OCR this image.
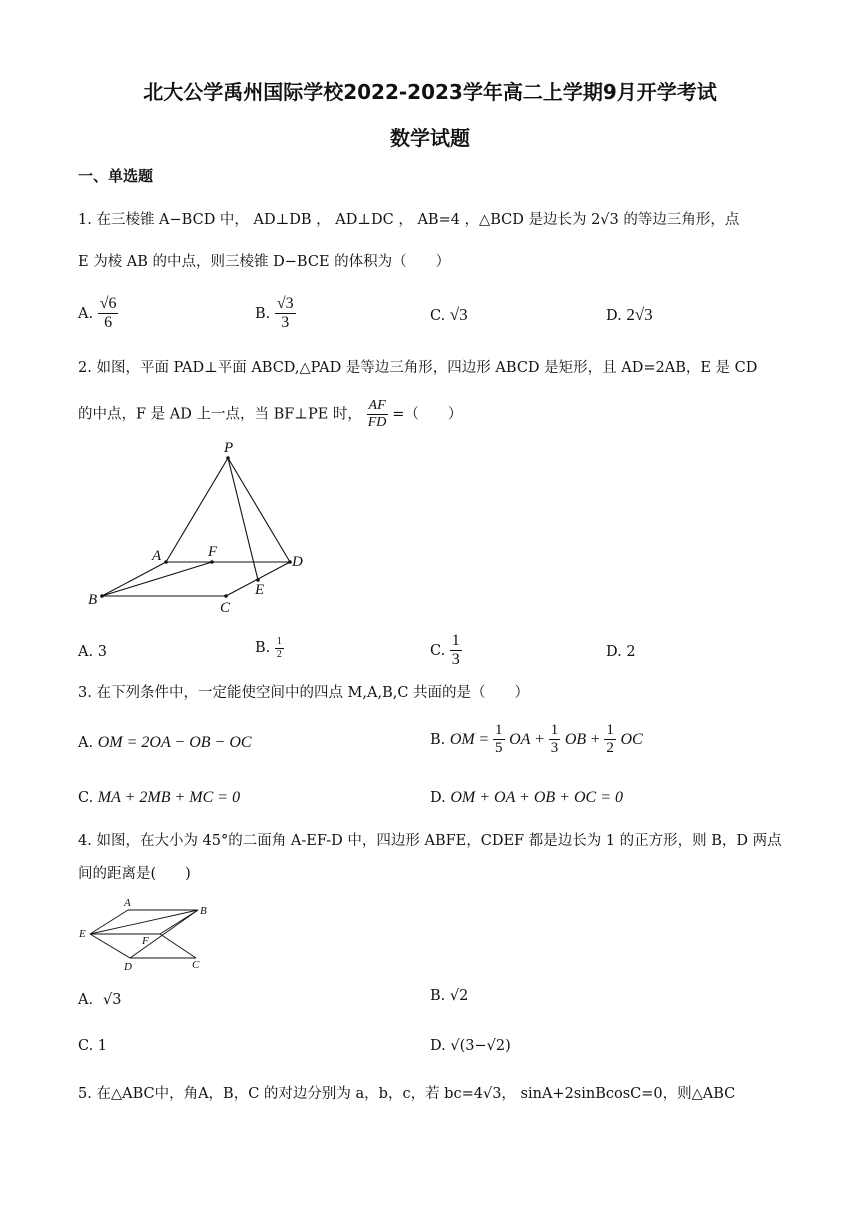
北大公学禹州国际学校2022-2023学年高二上学期9月开学考试
数学试题
一、单选题
1. 在三棱锥 A−BCD 中， AD⊥DB ， AD⊥DC ， AB=4 ，△BCD 是边长为 2√3 的等边三角形，点
E 为棱 AB 的中点，则三棱锥 D−BCE 的体积为（　　）
A. $\frac{√6}{6}$	B. $\frac{√3}{3}$	C. √3	D. 2√3
2. 如图，平面 PAD⊥平面 ABCD,△PAD 是等边三角形，四边形 ABCD 是矩形，且 AD=2AB，E 是 CD
的中点，F 是 AD 上一点，当 BF⊥PE 时， $\frac{AF}{FD}$ =（　　）
P
A	F
D
B	C
E
A. 3	B. $\frac{1}{2}$	C. $\frac{1}{3}$	D. 2
3. 在下列条件中，一定能使空间中的四点 M,A,B,C 共面的是（　　）
A. OM = 2OA − OB − OC	B. OM = $\frac{1}{5}$ OA + $\frac{1}{3}$ OB + $\frac{1}{2}$ OC
C. MA + 2MB + MC = 0	D. OM + OA + OB + OC = 0
4. 如图，在大小为 45°的二面角 A-EF-D 中，四边形 ABFE，CDEF 都是边长为 1 的正方形，则 B，D 两点
间的距离是(　　)
A
B
E
F
D	C
A．√3	B. √2
C. 1	D. √(3−√2)
5. 在△ABC中，角A，B，C 的对边分别为 a，b，c，若 bc=4√3， sinA+2sinBcosC=0，则△ABC
